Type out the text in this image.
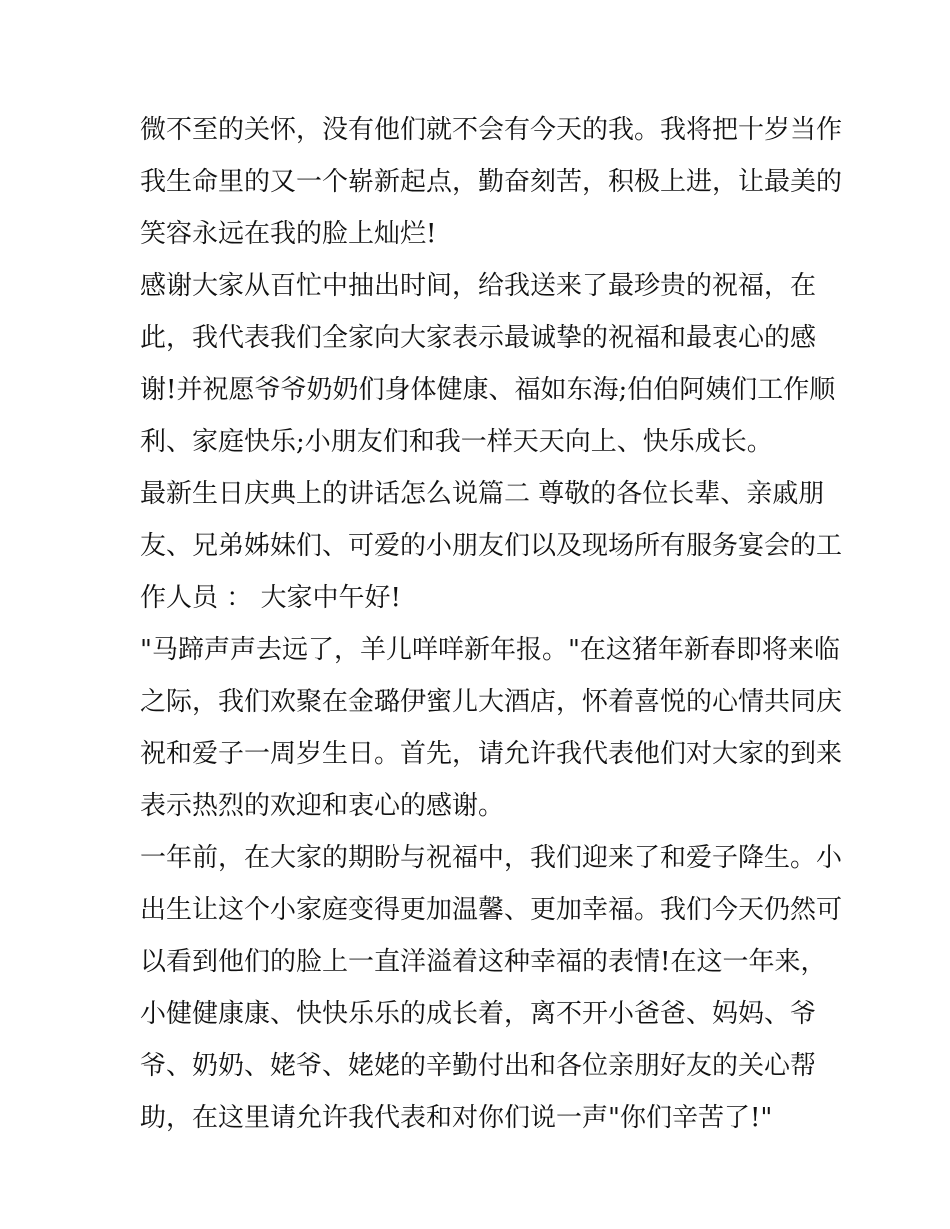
微不至的关怀，没有他们就不会有今天的我。我将把十岁当作
我生命里的又一个崭新起点，勤奋刻苦，积极上进，让最美的
笑容永远在我的脸上灿烂!
感谢大家从百忙中抽出时间，给我送来了最珍贵的祝福，在
此，我代表我们全家向大家表示最诚挚的祝福和最衷心的感
谢!并祝愿爷爷奶奶们身体健康、福如东海;伯伯阿姨们工作顺
利、家庭快乐;小朋友们和我一样天天向上、快乐成长。
最新生日庆典上的讲话怎么说篇二 尊敬的各位长辈、亲戚朋
友、兄弟姊妹们、可爱的小朋友们以及现场所有服务宴会的工
作人员 ： 大家中午好!
"马蹄声声去远了，羊儿咩咩新年报。"在这猪年新春即将来临
之际，我们欢聚在金璐伊蜜儿大酒店，怀着喜悦的心情共同庆
祝和爱子一周岁生日。首先，请允许我代表他们对大家的到来
表示热烈的欢迎和衷心的感谢。
一年前，在大家的期盼与祝福中，我们迎来了和爱子降生。小
出生让这个小家庭变得更加温馨、更加幸福。我们今天仍然可
以看到他们的脸上一直洋溢着这种幸福的表情!在这一年来，
小健健康康、快快乐乐的成长着，离不开小爸爸、妈妈、爷
爷、奶奶、姥爷、姥姥的辛勤付出和各位亲朋好友的关心帮
助，在这里请允许我代表和对你们说一声"你们辛苦了!"
